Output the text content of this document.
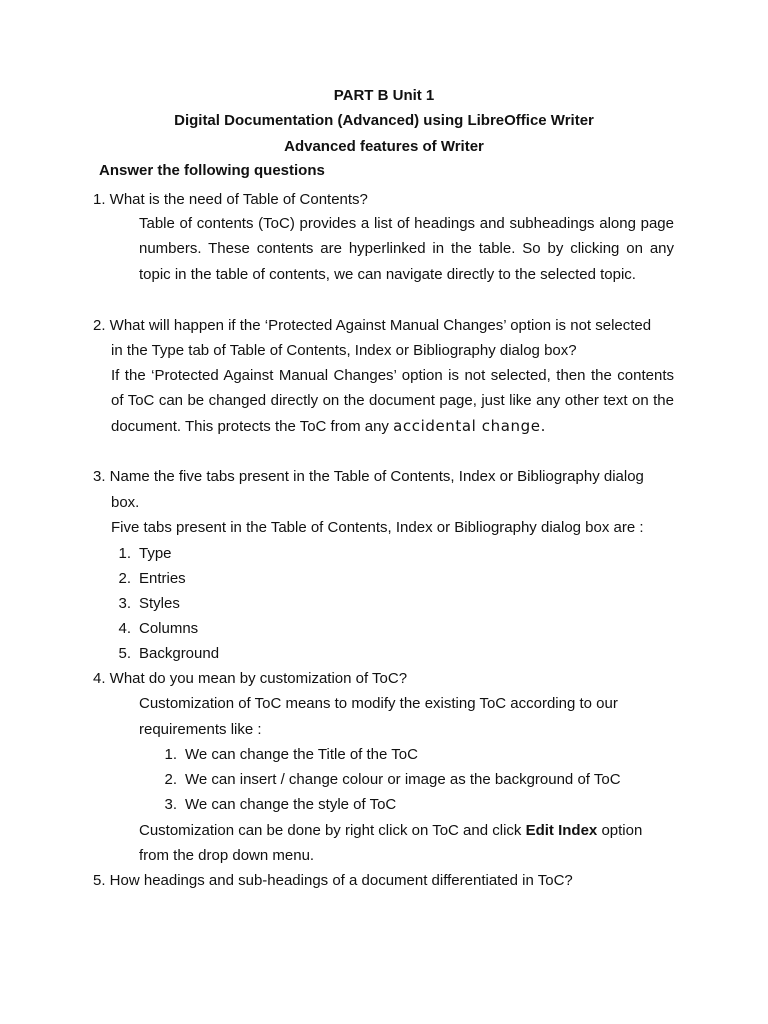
PART B Unit 1
Digital Documentation (Advanced) using LibreOffice Writer
Advanced features of Writer
Answer the following questions
1. What is the need of Table of Contents?
Table of contents (ToC) provides a list of headings and subheadings along page numbers. These contents are hyperlinked in the table. So by clicking on any topic in the table of contents, we can navigate directly to the selected topic.
2. What will happen if the ‘Protected Against Manual Changes’ option is not selected
in the Type tab of Table of Contents, Index or Bibliography dialog box?
If the ‘Protected Against Manual Changes’ option is not selected, then the contents of ToC can be changed directly on the document page, just like any other text on the document. This protects the ToC from any accidental change.
3. Name the five tabs present in the Table of Contents, Index or Bibliography dialog
box.
Five tabs present in the Table of Contents, Index or Bibliography dialog box are :
1. Type
2. Entries
3. Styles
4. Columns
5. Background
4. What do you mean by customization of ToC?
Customization of ToC means to modify the existing ToC according to our
requirements like :
1. We can change the Title of the ToC
2. We can insert / change colour or image as the background of ToC
3. We can change the style of ToC
Customization can be done by right click on ToC and click Edit Index option
from the drop down menu.
5. How headings and sub-headings of a document differentiated in ToC?
